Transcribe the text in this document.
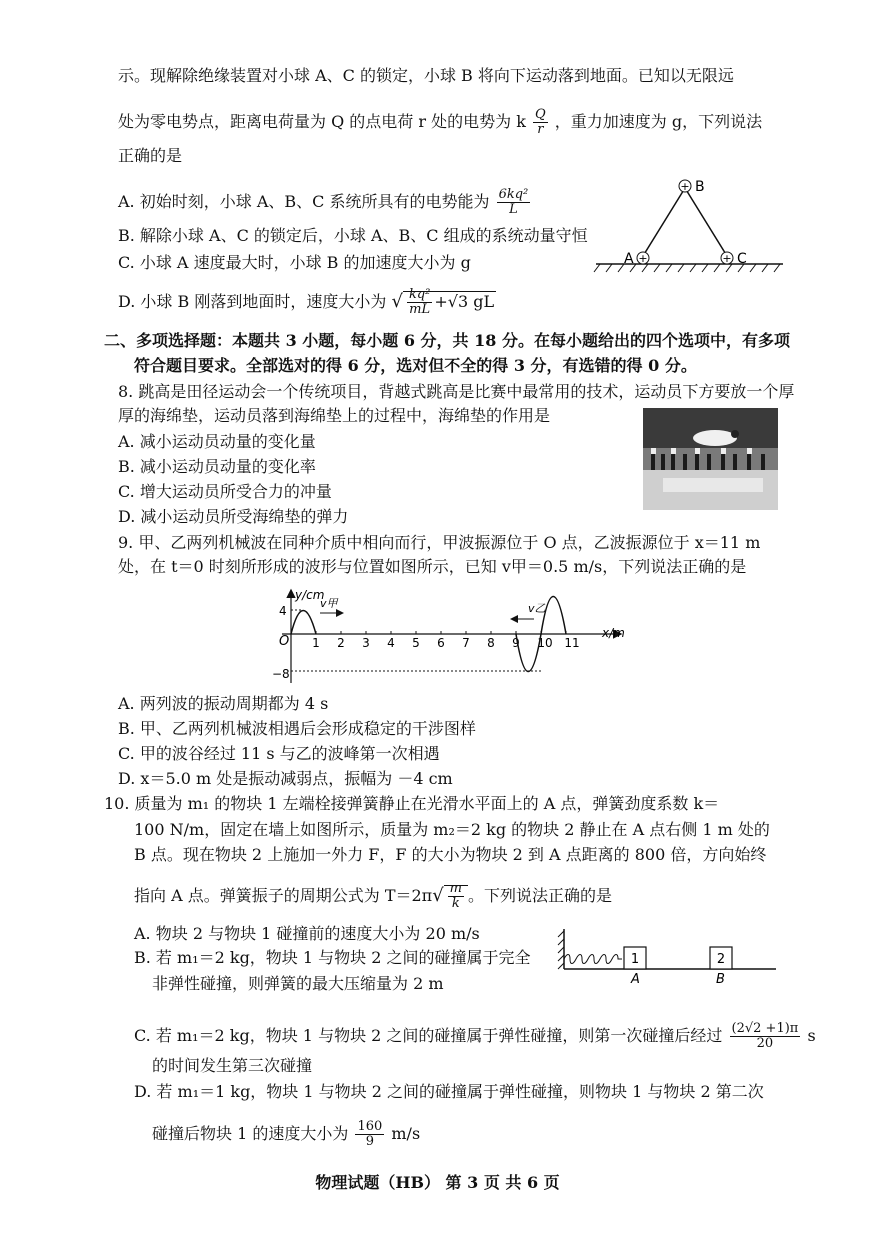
示。现解除绝缘装置对小球 A、C 的锁定，小球 B 将向下运动落到地面。已知以无限远
处为零电势点，距离电荷量为 Q 的点电荷 r 处的电势为 k $\frac{Q}{r}$ ，重力加速度为 g，下列说法
正确的是
A. 初始时刻，小球 A、B、C 系统所具有的电势能为 $\frac{\text{6kq²}}{L}$
B. 解除小球 A、C 的锁定后，小球 A、B、C 组成的系统动量守恒
C. 小球 A 速度最大时，小球 B 的加速度大小为 g
D. 小球 B 刚落到地面时，速度大小为 √ $\frac{\text{kq²}}{mL} +√3$ gL
+
+	+
B
A	C
二、多项选择题：本题共 3 小题，每小题 6 分，共 18 分。在每小题给出的四个选项中，有多项
符合题目要求。全部选对的得 6 分，选对但不全的得 3 分，有选错的得 0 分。
8. 跳高是田径运动会一个传统项目，背越式跳高是比赛中最常用的技术，运动员下方要放一个厚
厚的海绵垫，运动员落到海绵垫上的过程中，海绵垫的作用是
A. 减小运动员动量的变化量
B. 减小运动员动量的变化率
C. 增大运动员所受合力的冲量
D. 减小运动员所受海绵垫的弹力
9. 甲、乙两列机械波在同种介质中相向而行，甲波振源位于 O 点，乙波振源位于 x＝11 m
处，在 t＝0 时刻所形成的波形与位置如图所示，已知 v甲＝0.5 m/s，下列说法正确的是
y/cm
x/m
O
4
−8
1 2 3 4 5 6 7 8 9 10 11
v甲	v乙
A. 两列波的振动周期都为 4 s
B. 甲、乙两列机械波相遇后会形成稳定的干涉图样
C. 甲的波谷经过 11 s 与乙的波峰第一次相遇
D. x＝5.0 m 处是振动减弱点，振幅为 －4 cm
10. 质量为 m₁ 的物块 1 左端栓接弹簧静止在光滑水平面上的 A 点，弹簧劲度系数 k＝
100 N/m，固定在墙上如图所示，质量为 m₂＝2 kg 的物块 2 静止在 A 点右侧 1 m 处的
B 点。现在物块 2 上施加一外力 F，F 的大小为物块 2 到 A 点距离的 800 倍，方向始终
指向 A 点。弹簧振子的周期公式为 $T=2\pi√ \frac{m}{k}$ 。下列说法正确的是
A. 物块 2 与物块 1 碰撞前的速度大小为 20 m/s
B. 若 m₁＝2 kg，物块 1 与物块 2 之间的碰撞属于完全
非弹性碰撞，则弹簧的最大压缩量为 2 m
1	2
A	B
C. 若 m₁＝2 kg，物块 1 与物块 2 之间的碰撞属于弹性碰撞，则第一次碰撞后经过 $\frac{(2√2 +1)\pi}{20}$ s
的时间发生第三次碰撞
D. 若 m₁＝1 kg，物块 1 与物块 2 之间的碰撞属于弹性碰撞，则物块 1 与物块 2 第二次
碰撞后物块 1 的速度大小为 $\frac{160}{9} m/s$
物理试题（HB） 第 3 页 共 6 页
